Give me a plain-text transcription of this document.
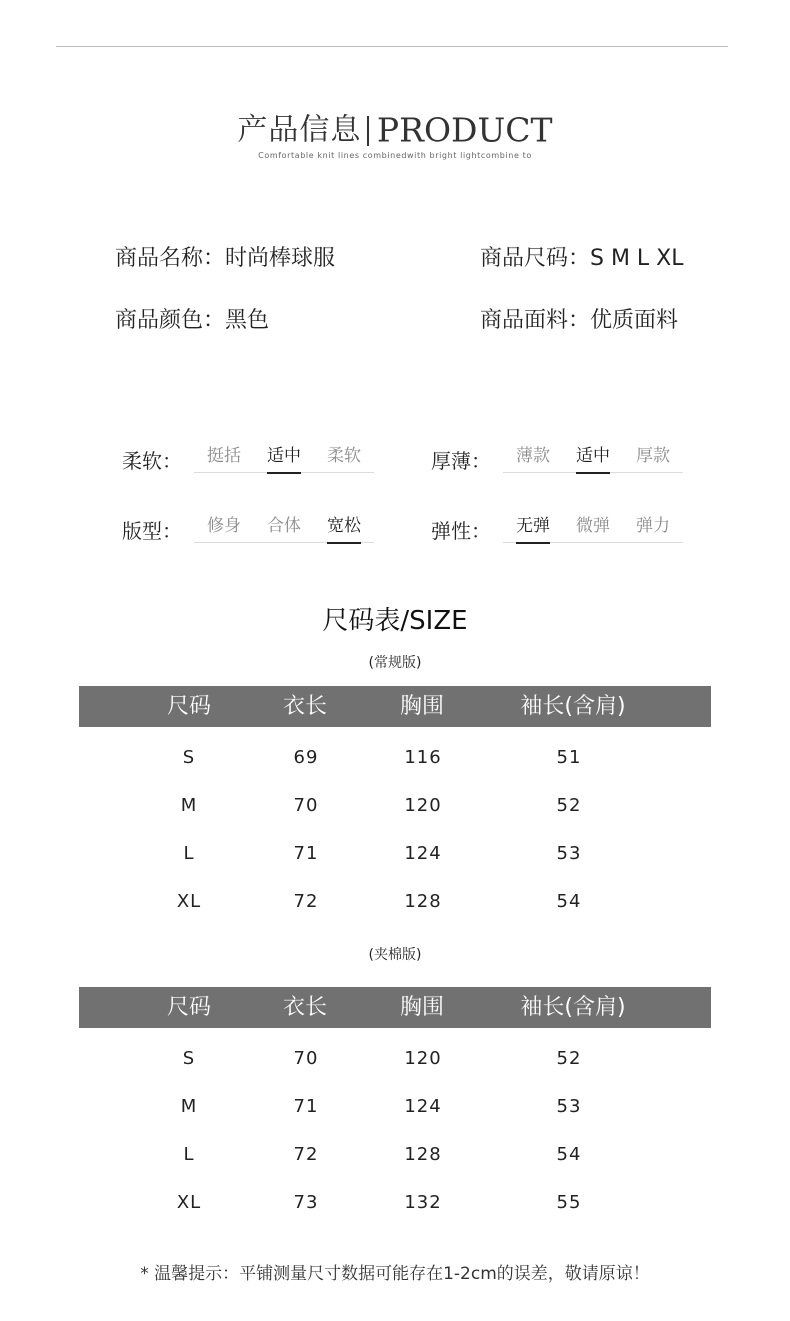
产品信息 PRODUCT
Comfortable knit lines combinedwith bright lightcombine to
商品名称：时尚棒球服	商品尺码：S M L XL
商品颜色：黑色	商品面料：优质面料
柔软：	挺括	适中	柔软	厚薄：	薄款	适中	厚款
版型：	修身	合体	宽松	弹性：	无弹	微弹	弹力
尺码表/SIZE
(常规版)
尺码	衣长	胸围	袖长(含肩)
S	69	116	51
M	70	120	52
L	71	124	53
XL	72	128	54
(夹棉版)
尺码	衣长	胸围	袖长(含肩)
S	70	120	52
M	71	124	53
L	72	128	54
XL	73	132	55
* 温馨提示：平铺测量尺寸数据可能存在1-2cm的误差，敬请原谅！
